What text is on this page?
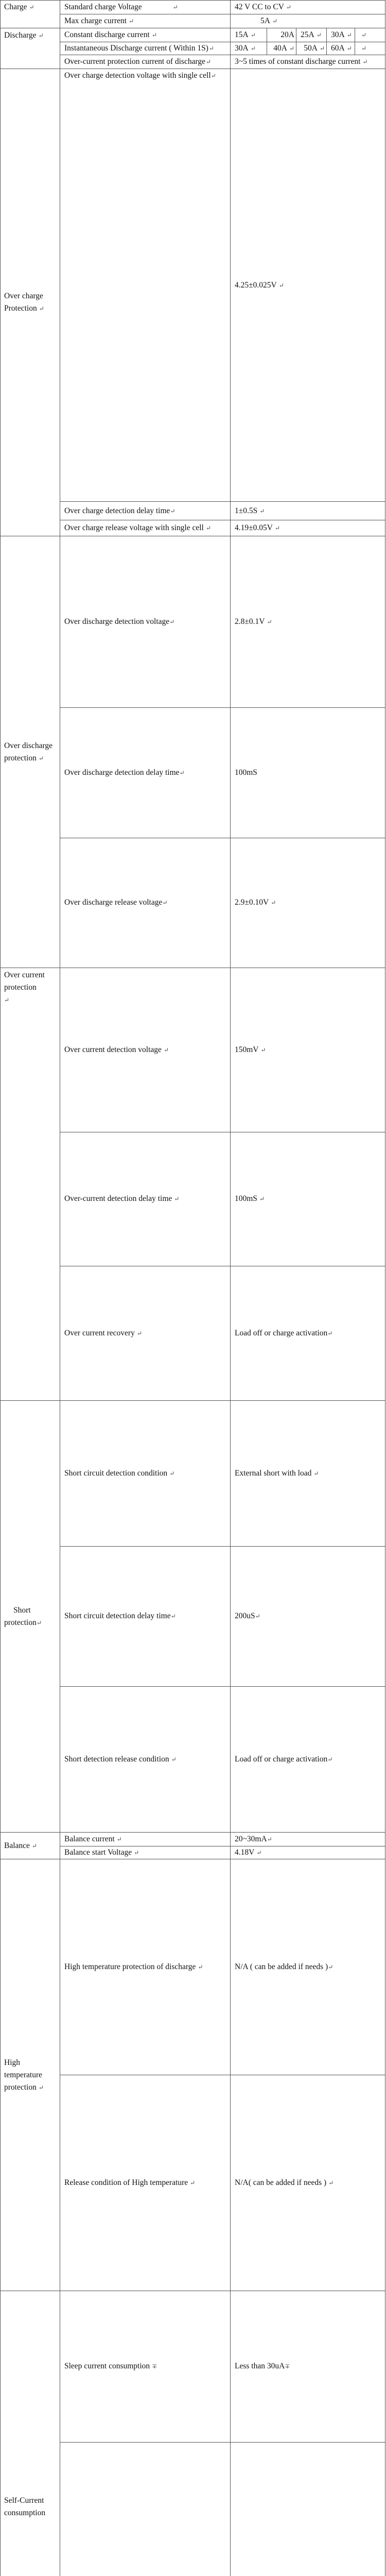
Charge ↵	Standard charge Voltage ↵	42 V CC to CV ↵				
	Max charge current ↵	5A ↵				
Discharge ↵	Constant discharge current ↵	15A ↵	20A	25A ↵	30A ↵	↵
	Instantaneous Discharge current ( Within 1S)↵	30A ↵	40A ↵	50A ↵	60A ↵	↵
	Over-current protection current of discharge↵	3~5 times of constant discharge current ↵				
Over charge Protection ↵	Over charge detection voltage with single cell↵	4.25±0.025V ↵				
	Over charge detection delay time↵	1±0.5S ↵				
	Over charge release voltage with single cell ↵	4.19±0.05V ↵				
Over discharge protection ↵	Over discharge detection voltage↵	2.8±0.1V ↵				
	Over discharge detection delay time↵	100mS				
	Over discharge release voltage↵	2.9±0.10V ↵				
Over current protection
↵	Over current detection voltage ↵	150mV ↵				
	Over-current detection delay time ↵	100mS ↵				
	Over current recovery ↵	Load off or charge activation↵				
Short protection↵	Short circuit detection condition ↵	External short with load ↵				
	Short circuit detection delay time↵	200uS↵				
	Short detection release condition ↵	Load off or charge activation↵				
Balance ↵	Balance current ↵	20~30mA↵				
	Balance start Voltage ↵	4.18V ↵				
High temperature protection ↵	High temperature protection of discharge ↵	N/A ( can be added if needs )↵				
	Release condition of High temperature ↵	N/A( can be added if needs ) ↵				
Self-Current consumption	Sleep current consumption ∓	Less than 30uA∓				
